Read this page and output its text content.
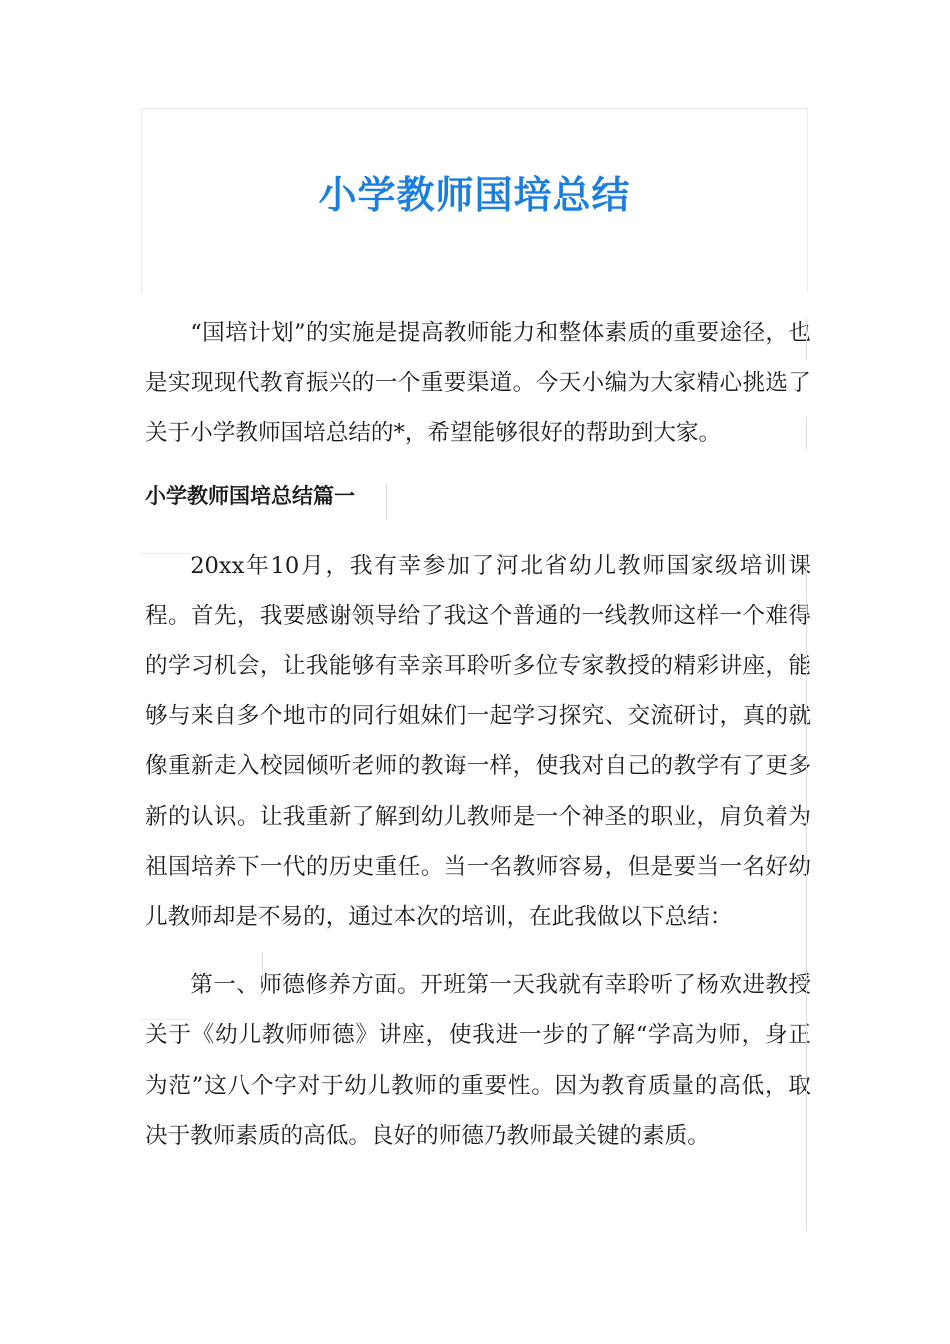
小学教师国培总结

“国培计划”的实施是提高教师能力和整体素质的重要途径，也是实现现代教育振兴的一个重要渠道。今天小编为大家精心挑选了关于小学教师国培总结的*，希望能够很好的帮助到大家。

小学教师国培总结篇一

20xx年10月，我有幸参加了河北省幼儿教师国家级培训课程。首先，我要感谢领导给了我这个普通的一线教师这样一个难得的学习机会，让我能够有幸亲耳聆听多位专家教授的精彩讲座，能够与来自多个地市的同行姐妹们一起学习探究、交流研讨，真的就像重新走入校园倾听老师的教诲一样，使我对自己的教学有了更多新的认识。让我重新了解到幼儿教师是一个神圣的职业，肩负着为祖国培养下一代的历史重任。当一名教师容易，但是要当一名好幼儿教师却是不易的，通过本次的培训，在此我做以下总结：

第一、师德修养方面。开班第一天我就有幸聆听了杨欢进教授关于《幼儿教师师德》讲座，使我进一步的了解“学高为师，身正为范”这八个字对于幼儿教师的重要性。因为教育质量的高低，取决于教师素质的高低。良好的师德乃教师最关键的素质。
